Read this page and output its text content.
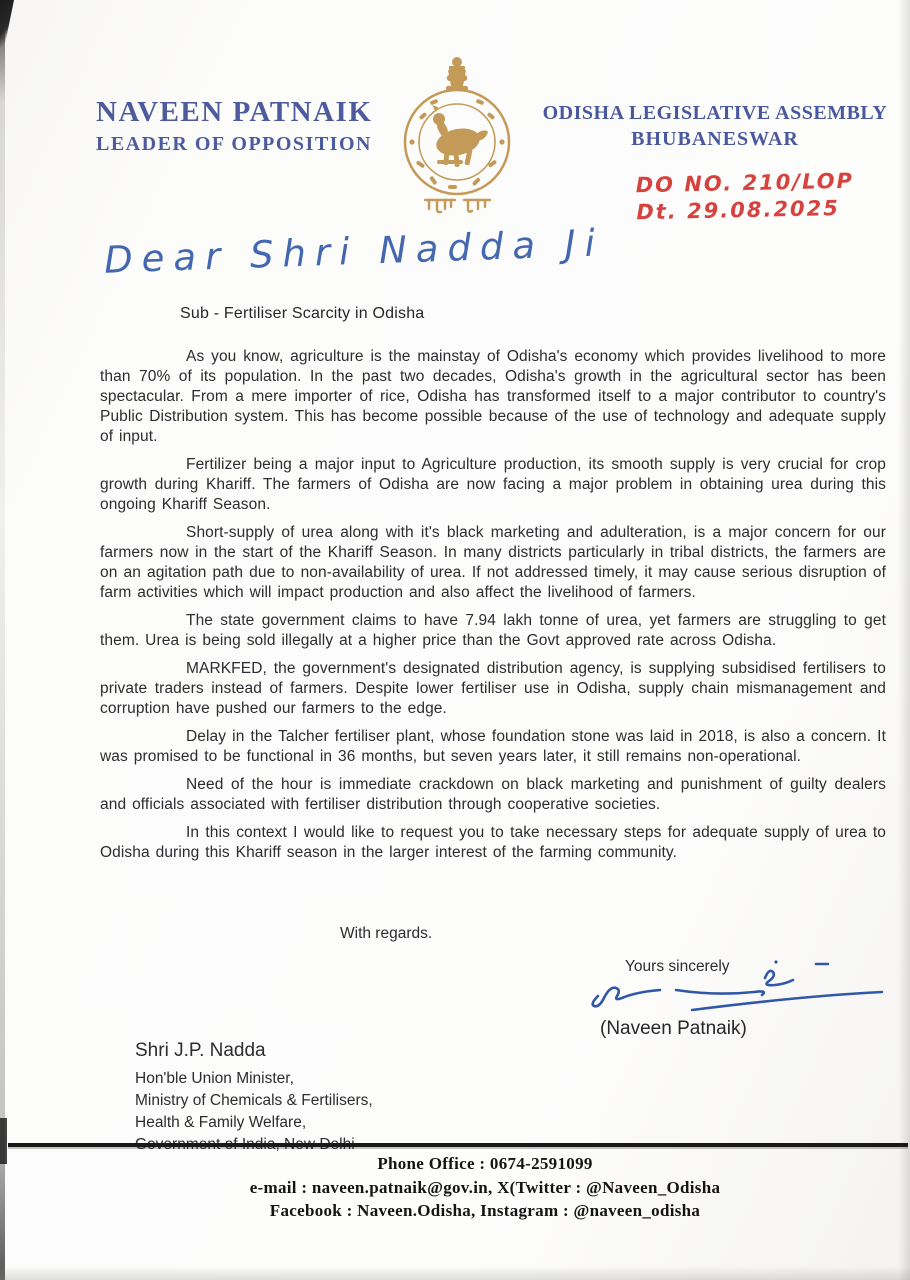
NAVEEN PATNAIK
LEADER OF OPPOSITION
ODISHA LEGISLATIVE ASSEMBLY
BHUBANESWAR
DO NO. 210/LOP
Dt. 29.08.2025
Dear Shri Nadda Ji
Sub - Fertiliser Scarcity in Odisha

As you know, agriculture is the mainstay of Odisha's economy which provides livelihood to more than 70% of its population. In the past two decades, Odisha's growth in the agricultural sector has been spectacular. From a mere importer of rice, Odisha has transformed itself to a major contributor to country's Public Distribution system. This has become possible because of the use of technology and adequate supply of input.

Fertilizer being a major input to Agriculture production, its smooth supply is very crucial for crop growth during Khariff. The farmers of Odisha are now facing a major problem in obtaining urea during this ongoing Khariff Season.

Short-supply of urea along with it's black marketing and adulteration, is a major concern for our farmers now in the start of the Khariff Season. In many districts particularly in tribal districts, the farmers are on an agitation path due to non-availability of urea. If not addressed timely, it may cause serious disruption of farm activities which will impact production and also affect the livelihood of farmers.

The state government claims to have 7.94 lakh tonne of urea, yet farmers are struggling to get them. Urea is being sold illegally at a higher price than the Govt approved rate across Odisha.

MARKFED, the government's designated distribution agency, is supplying subsidised fertilisers to private traders instead of farmers. Despite lower fertiliser use in Odisha, supply chain mismanagement and corruption have pushed our farmers to the edge.

Delay in the Talcher fertiliser plant, whose foundation stone was laid in 2018, is also a concern. It was promised to be functional in 36 months, but seven years later, it still remains non-operational.

Need of the hour is immediate crackdown on black marketing and punishment of guilty dealers and officials associated with fertiliser distribution through cooperative societies.

In this context I would like to request you to take necessary steps for adequate supply of urea to Odisha during this Khariff season in the larger interest of the farming community.

With regards.
Yours sincerely
(Naveen Patnaik)
Shri J.P. Nadda
Hon'ble Union Minister,
Ministry of Chemicals & Fertilisers,
Health & Family Welfare,
Phone Office : 0674-2591099
e-mail : naveen.patnaik@gov.in, X(Twitter : @Naveen_Odisha
Facebook : Naveen.Odisha, Instagram : @naveen_odisha
